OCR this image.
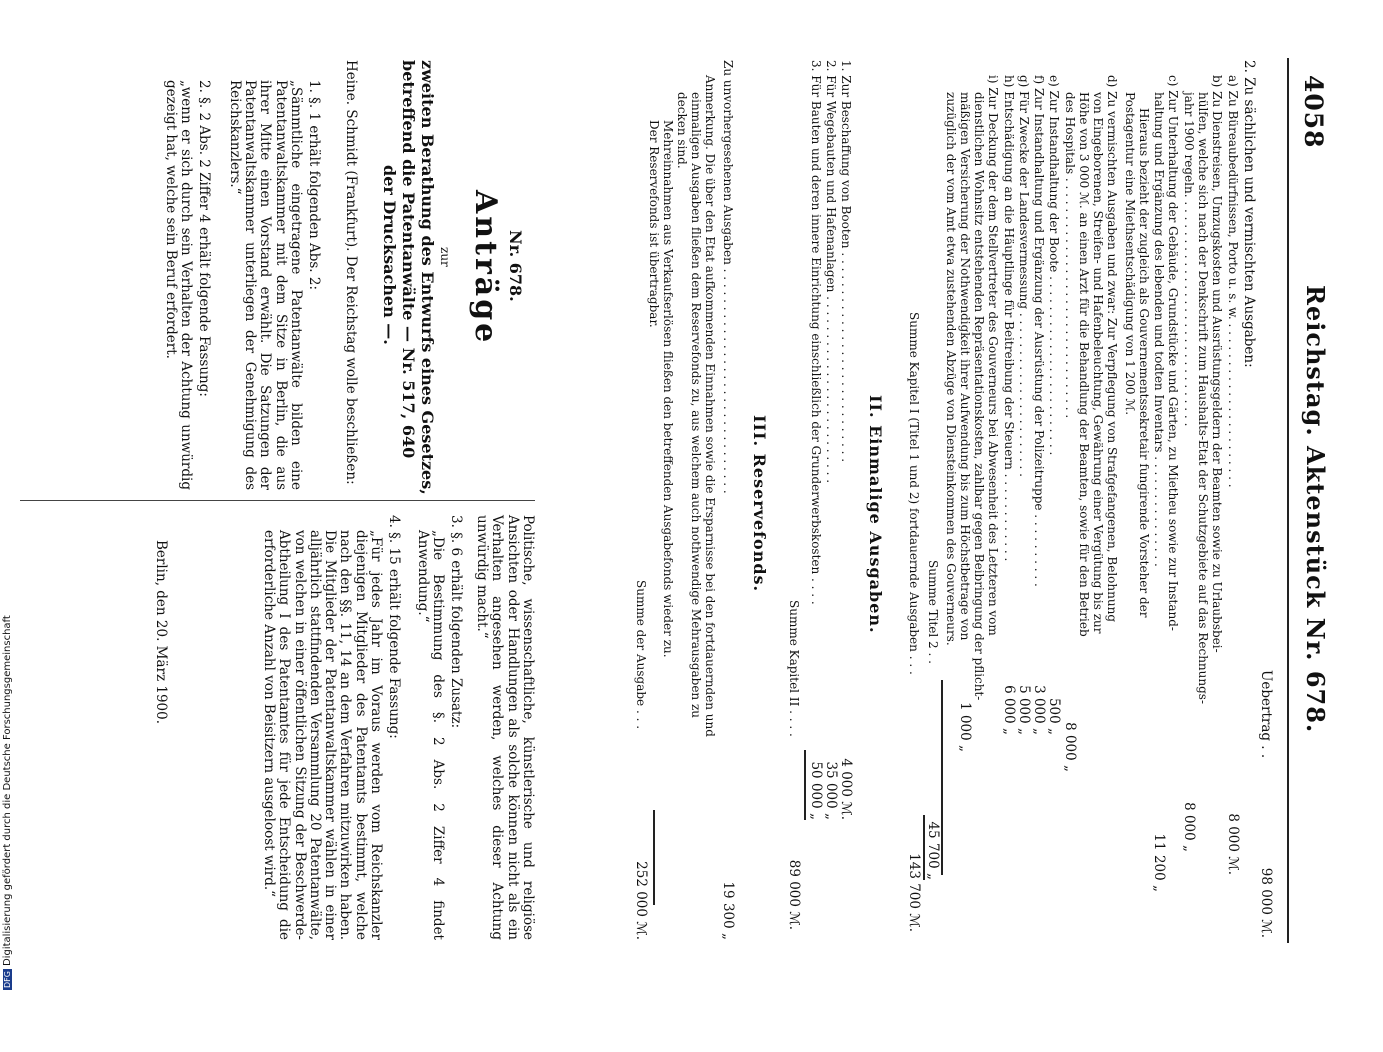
4058
Reichstag. Aktenstück Nr. 678.
Uebertrag . .
98 000 ℳ.
2. Zu sächlichen und vermischten Ausgaben:
a) Zu Büreaubedürfnissen, Porto u. s. w. . . . . . . . . . . . . . . . . . . . . . .
8 000 ℳ.
b) Zu Dienstreisen, Umzugskosten und Ausrüstungsgeldern der Beamten sowie zu Urlaubsbei-
hülfen, welche sich nach der Denkschrift zum Haushalts-Etat der Schutzgebiete auf das Rechnungs-
jahr 1900 regeln. . . . . . . . . . . . . . . . . . . . . . . . . . . . . . .
8 000 „
c) Zur Unterhaltung der Gebäude, Grundstücke und Gärten, zu Mietheu sowie zur Instand-
haltung und Ergänzung des lebenden und todten Inventars . . . . . . . . . . . . . . .
11 200 „
Hieraus bezieht der zugleich als Gouvernementssekretair fungirende Vorsteher der
Postagentur eine Miethsentschädigung von 1 200 ℳ.
d) Zu vermischten Ausgaben und zwar: Zur Verpflegung von Strafgefangenen, Belohnung
von Eingeborenen, Streifen- und Hafenbeleuchtung, Gewährung einer Vergütung bis zur
Höhe von 3 000 ℳ. an einen Arzt für die Behandlung der Beamten, sowie für den Betrieb
des Hospitals . . . . . . . . . . . . . . . . . . . . . . . . . . . . . . . .
8 000 „
e) Zur Instandhaltung der Boote . . . . . . . . . . . . . . . . . . . . . . . .
500 „
f) Zur Instandhaltung und Ergänzung der Ausrüstung der Polizeitruppe . . . . . . . . . .
3 000 „
g) Für Zwecke der Landesvermessung . . . . . . . . . . . . . . . . . . . . . .
5 000 „
h) Entschädigung an die Häuptlinge für Beitreibung der Steuern . . . . . . . . . . . .
6 000 „
i) Zur Deckung der dem Stellvertreter des Gouverneurs bei Abwesenheit des Letzteren vom
dienstlichen Wohnsitz entstehenden Repräsentationskosten, zahlbar gegen Beibringung der pflicht-
mäßigen Versicherung der Nothwendigkeit ihrer Aufwendung bis zum Höchstbetrage von
1 000 „
zuzüglich der vom Amt etwa zustehenden Abzüge von Diensteinkommen des Gouverneurs.
Summe Titel 2 . .
45 700 „
Summe Kapitel I (Titel 1 und 2) fortdauernde Ausgaben . . .
143 700 ℳ.
II. Einmalige Ausgaben.
1. Zur Beschaffung von Booten . . . . . . . . . . . . . . . . . . . . . . . . . . . .
4 000 ℳ.
2. Für Wegebauten und Hafenanlagen . . . . . . . . . . . . . . . . . . . . . . . . .
35 000 „
3. Für Bauten und deren innere Einrichtung einschließlich der Grunderwerbskosten . . . .
50 000 „
Summe Kapitel II . . . .
89 000 ℳ.
III. Reservefonds.
Zu unvorhergesehenen Ausgaben . . . . . . . . . . . . . . . . . . . . . . . . . . . . . .
19 300 „
Anmerkung. Die über den Etat aufkommenden Einnahmen sowie die Ersparnisse bei den fortdauernden und
einmaligen Ausgaben fließen dem Reservefonds zu, aus welchem auch nothwendige Mehrausgaben zu
decken sind.
Mehreinnahmen aus Verkaufserlösen fließen den betreffenden Ausgabefonds wieder zu.
Der Reservefonds ist übertragbar.
Summe der Ausgabe . . .
252 000 ℳ.
Nr. 678.
Anträge
zur
zweiten Berathung des Entwurfs eines Gesetzes,
betreffend die Patentanwälte — Nr. 517, 640
der Drucksachen —.
Heine. Schmidt (Frankfurt). Der Reichstag wolle beschließen:
1. §. 1 erhält folgenden Abs. 2:
„Sämmtliche eingetragene Patentanwälte bilden eine Patentanwaltskammer mit dem Sitze in Berlin, die aus ihrer Mitte einen Vorstand erwählt. Die Satzungen der Patentanwaltskammer unterliegen der Genehmigung des Reichskanzlers.“
2. §. 2 Abs. 2 Ziffer 4 erhält folgende Fassung:
„wenn er sich durch sein Verhalten der Achtung unwürdig gezeigt hat, welche sein Beruf erfordert.
Politische, wissenschaftliche, künstlerische und religiöse Ansichten oder Handlungen als solche können nicht als ein Verhalten angesehen werden, welches dieser Achtung unwürdig macht.“
3. §. 6 erhält folgenden Zusatz:
„Die Bestimmung des §. 2 Abs. 2 Ziffer 4 findet Anwendung.“
4. §. 15 erhält folgende Fassung:
„Für jedes Jahr im Voraus werden vom Reichskanzler diejenigen Mitglieder des Patentamts bestimmt, welche nach den §§. 11, 14 an dem Verfahren mitzuwirken haben. Die Mitglieder der Patentanwaltskammer wählen in einer alljährlich stattfindenden Versammlung 20 Patentanwälte, von welchen in einer öffentlichen Sitzung der Beschwerde-Abtheilung I des Patentamtes für jede Entscheidung die erforderliche Anzahl von Beisitzern ausgeloost wird.“
Berlin, den 20. März 1900.
DFGDigitalisierung gefördert durch die Deutsche Forschungsgemeinschaft
